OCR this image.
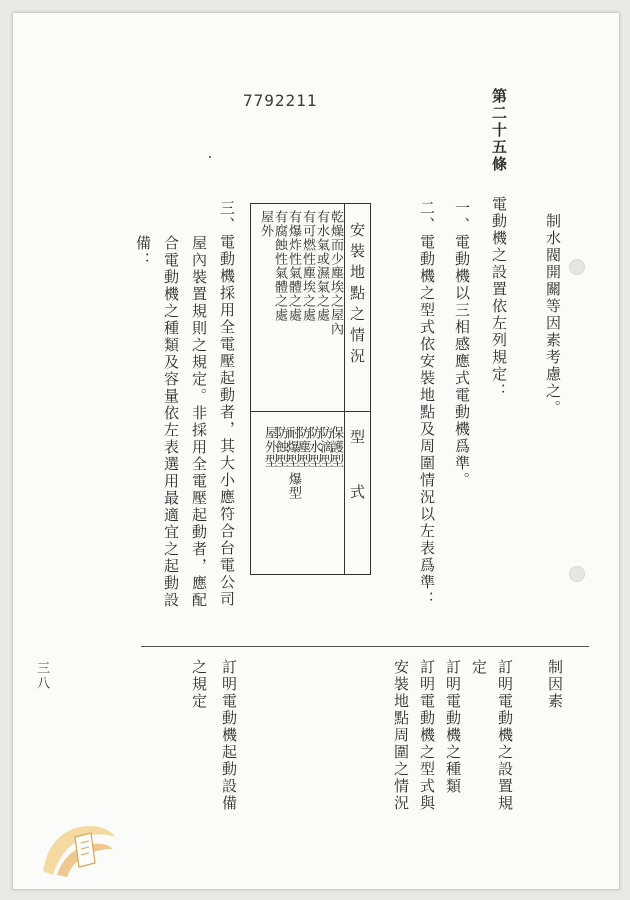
7792211
制水閥開關等因素考慮之。
第二十五條
電動機之設置依左列規定：
一、電動機以三相感應式電動機爲準。
二、電動機之型式依安裝地點及周圍情況以左表爲準：
安裝地點之情況
型式
乾燥而少塵埃之屋內
有水氣或濕氣之處
有可燃性塵埃之處
有爆炸性氣體之處
有腐蝕性氣體之處
屋外
保護型
防滴型
防水型
防塵型
耐爆型
防蝕型
屋外型
爆型
三、電動機採用全電壓起動者，其大小應符合台電公司
屋內裝置規則之規定。非採用全電壓起動者，應配
合電動機之種類及容量依左表選用最適宜之起動設
備：
制因素
訂明電動機之設置規
定
訂明電動機之種類
訂明電動機之型式與
安裝地點周圍之情況
訂明電動機起動設備
之規定
三八
